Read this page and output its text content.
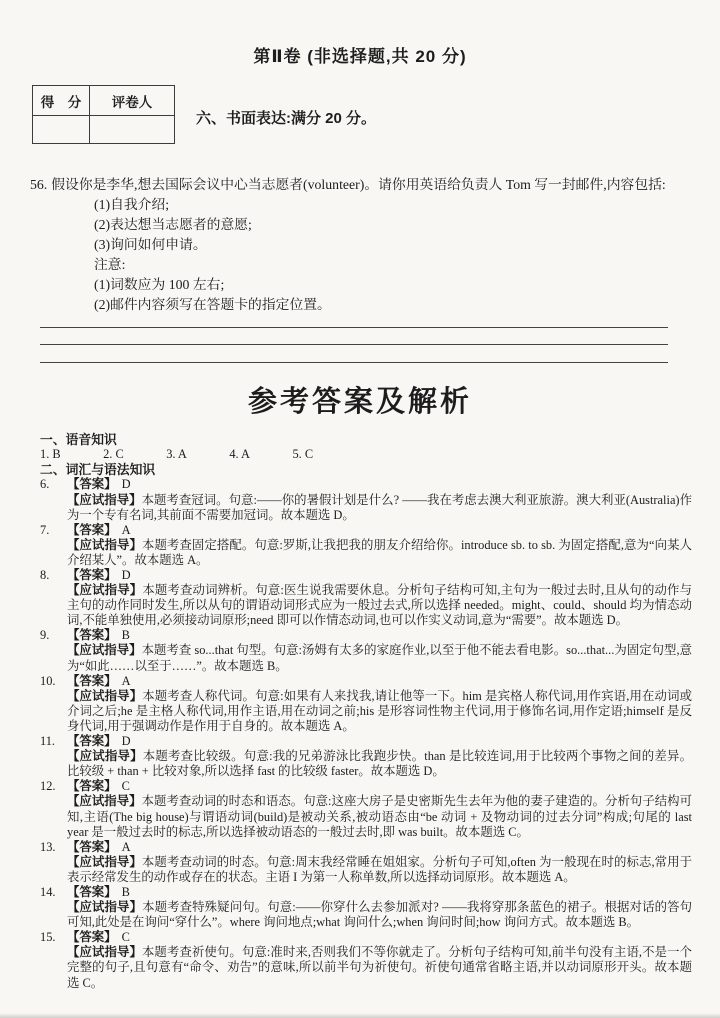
第Ⅱ卷 (非选择题,共 20 分)
得　分	评卷人

六、书面表达:满分 20 分。
56. 假设你是李华,想去国际会议中心当志愿者(volunteer)。请你用英语给负责人 Tom 写一封邮件,内容包括:
(1)自我介绍;
(2)表达想当志愿者的意愿;
(3)询问如何申请。
注意:
(1)词数应为 100 左右;
(2)邮件内容须写在答题卡的指定位置。
参考答案及解析
一、语音知识
1. B	2. C	3. A	4. A	5. C
二、词汇与语法知识
6.	【答案】 D
【应试指导】本题考查冠词。句意:——你的暑假计划是什么? ——我在考虑去澳大利亚旅游。澳大利亚(Australia)作为一个专有名词,其前面不需要加冠词。故本题选 D。
7.	【答案】 A
【应试指导】本题考查固定搭配。句意:罗斯,让我把我的朋友介绍给你。introduce sb. to sb. 为固定搭配,意为“向某人介绍某人”。故本题选 A。
8.	【答案】 D
【应试指导】本题考查动词辨析。句意:医生说我需要休息。分析句子结构可知,主句为一般过去时,且从句的动作与主句的动作同时发生,所以从句的谓语动词形式应为一般过去式,所以选择 needed。might、could、should 均为情态动词,不能单独使用,必须接动词原形;need 即可以作情态动词,也可以作实义动词,意为“需要”。故本题选 D。
9.	【答案】 B
【应试指导】本题考查 so...that 句型。句意:汤姆有太多的家庭作业,以至于他不能去看电影。so...that...为固定句型,意为“如此……以至于……”。故本题选 B。
10. 【答案】 A
【应试指导】本题考查人称代词。句意:如果有人来找我,请让他等一下。him 是宾格人称代词,用作宾语,用在动词或介词之后;he 是主格人称代词,用作主语,用在动词之前;his 是形容词性物主代词,用于修饰名词,用作定语;himself 是反身代词,用于强调动作是作用于自身的。故本题选 A。
11. 【答案】 D
【应试指导】本题考查比较级。句意:我的兄弟游泳比我跑步快。than 是比较连词,用于比较两个事物之间的差异。比较级 + than + 比较对象,所以选择 fast 的比较级 faster。故本题选 D。
12. 【答案】 C
【应试指导】本题考查动词的时态和语态。句意:这座大房子是史密斯先生去年为他的妻子建造的。分析句子结构可知,主语(The big house)与谓语动词(build)是被动关系,被动语态由“be 动词 + 及物动词的过去分词”构成;句尾的 last year 是一般过去时的标志,所以选择被动语态的一般过去时,即 was built。故本题选 C。
13. 【答案】 A
【应试指导】本题考查动词的时态。句意:周末我经常睡在姐姐家。分析句子可知,often 为一般现在时的标志,常用于表示经常发生的动作或存在的状态。主语 I 为第一人称单数,所以选择动词原形。故本题选 A。
14. 【答案】 B
【应试指导】本题考查特殊疑问句。句意:——你穿什么去参加派对? ——我将穿那条蓝色的裙子。根据对话的答句可知,此处是在询问“穿什么”。where 询问地点;what 询问什么;when 询问时间;how 询问方式。故本题选 B。
15. 【答案】 C
【应试指导】本题考查祈使句。句意:准时来,否则我们不等你就走了。分析句子结构可知,前半句没有主语,不是一个完整的句子,且句意有“命令、劝告”的意味,所以前半句为祈使句。祈使句通常省略主语,并以动词原形开头。故本题选 C。
